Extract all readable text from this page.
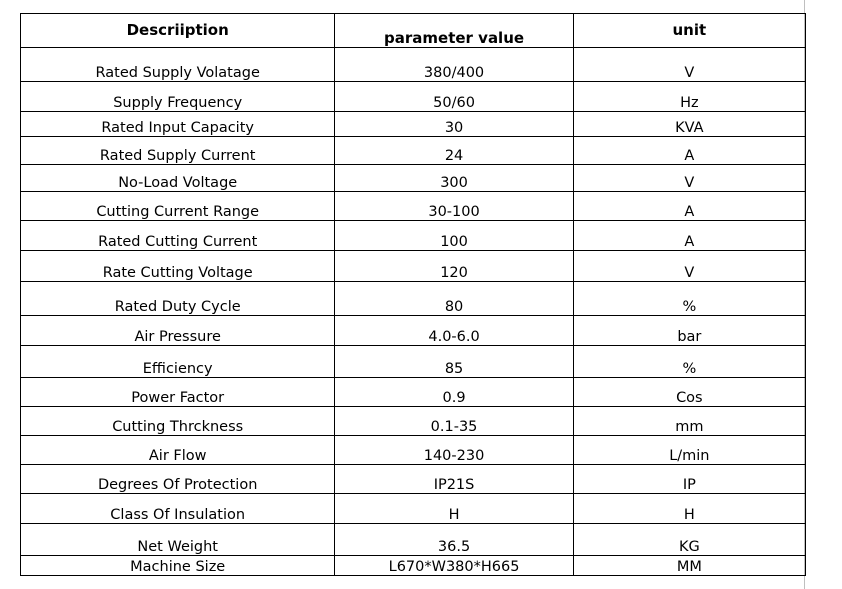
Descriiption	parameter value	unit
Rated Supply Volatage	380/400	V
Supply Frequency	50/60	Hz
Rated Input Capacity	30	KVA
Rated Supply Current	24	A
No-Load Voltage	300	V
Cutting Current Range	30-100	A
Rated Cutting Current	100	A
Rate Cutting Voltage	120	V
Rated Duty Cycle	80	%
Air Pressure	4.0-6.0	bar
Efficiency	85	%
Power Factor	0.9	Cos
Cutting Thrckness	0.1-35	mm
Air Flow	140-230	L/min
Degrees Of Protection	IP21S	IP
Class Of Insulation	H	H
Net Weight	36.5	KG
Machine Size	L670*W380*H665	MM
